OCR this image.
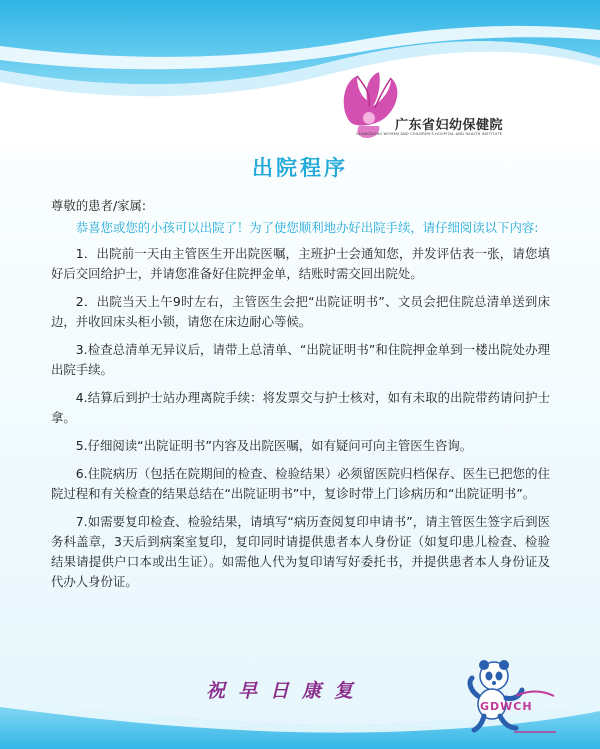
广东省妇幼保健院
GUANGDONG WOMEN AND CHILDREN'S HOSPITAL AND HEALTH INSTITUTE
出院程序

尊敬的患者/家属:

恭喜您或您的小孩可以出院了！为了使您顺利地办好出院手续，请仔细阅读以下内容:

1．出院前一天由主管医生开出院医嘱，主班护士会通知您，并发评估表一张，请您填好后交回给护士，并请您准备好住院押金单，结账时需交回出院处。

2．出院当天上午9时左右，主管医生会把“出院证明书”、文员会把住院总清单送到床边，并收回床头柜小锁，请您在床边耐心等候。

3.检查总清单无异议后，请带上总清单、“出院证明书”和住院押金单到一楼出院处办理出院手续。

4.结算后到护士站办理离院手续：将发票交与护士核对，如有未取的出院带药请问护士拿。

5.仔细阅读“出院证明书”内容及出院医嘱，如有疑问可向主管医生咨询。

6.住院病历（包括在院期间的检查、检验结果）必须留医院归档保存、医生已把您的住院过程和有关检查的结果总结在“出院证明书”中，复诊时带上门诊病历和“出院证明书”。

7.如需要复印检查、检验结果，请填写“病历查阅复印申请书”，请主管医生签字后到医务科盖章，3天后到病案室复印，复印同时请提供患者本人身份证（如复印患儿检查、检验结果请提供户口本或出生证）。如需他人代为复印请写好委托书，并提供患者本人身份证及代办人身份证。

祝早日康复
GDWCH
